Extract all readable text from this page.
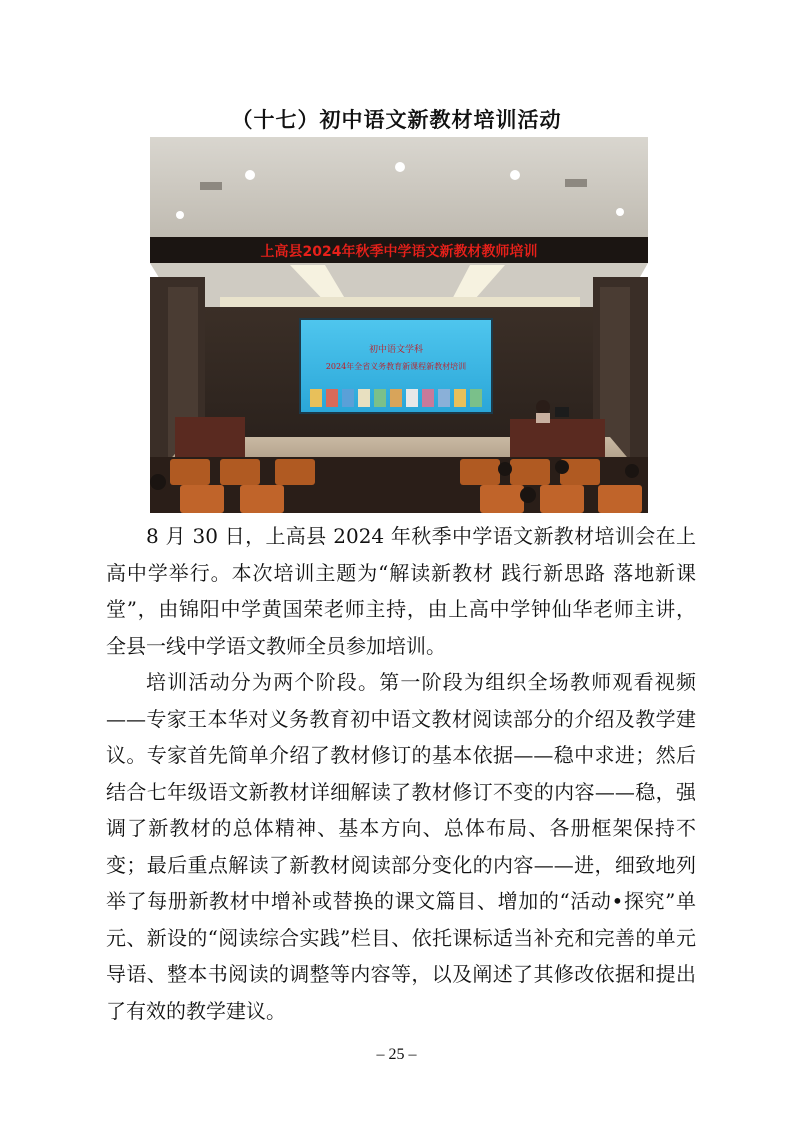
（十七）初中语文新教材培训活动
上高县2024年秋季中学语文新教材教师培训
初中语文学科
2024年全省义务教育新课程新教材培训

8 月 30 日，上高县 2024 年秋季中学语文新教材培训会在上高中学举行。本次培训主题为“解读新教材 践行新思路 落地新课堂”，由锦阳中学黄国荣老师主持，由上高中学钟仙华老师主讲，全县一线中学语文教师全员参加培训。

培训活动分为两个阶段。第一阶段为组织全场教师观看视频——专家王本华对义务教育初中语文教材阅读部分的介绍及教学建议。专家首先简单介绍了教材修订的基本依据——稳中求进；然后结合七年级语文新教材详细解读了教材修订不变的内容——稳，强调了新教材的总体精神、基本方向、总体布局、各册框架保持不变；最后重点解读了新教材阅读部分变化的内容——进，细致地列举了每册新教材中增补或替换的课文篇目、增加的“活动•探究”单元、新设的“阅读综合实践”栏目、依托课标适当补充和完善的单元导语、整本书阅读的调整等内容等，以及阐述了其修改依据和提出了有效的教学建议。

– 25 –
